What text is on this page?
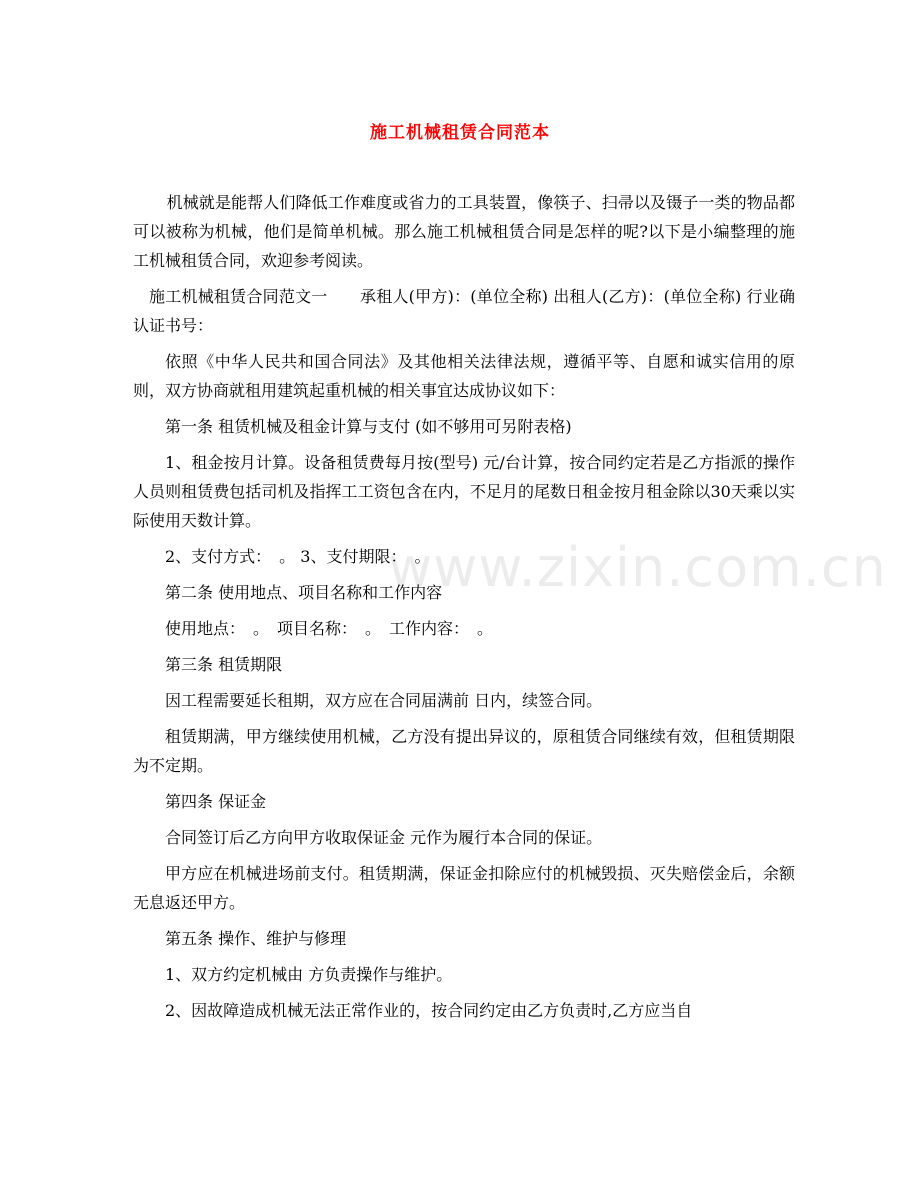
施工机械租赁合同范本
www.zixin.com.cn

机械就是能帮人们降低工作难度或省力的工具装置，像筷子、扫帚以及镊子一类的物品都可以被称为机械，他们是简单机械。那么施工机械租赁合同是怎样的呢?以下是小编整理的施工机械租赁合同，欢迎参考阅读。

施工机械租赁合同范文一　　承租人(甲方)：(单位全称) 出租人(乙方)：(单位全称) 行业确认证书号：

依照《中华人民共和国合同法》及其他相关法律法规，遵循平等、自愿和诚实信用的原则，双方协商就租用建筑起重机械的相关事宜达成协议如下：

第一条 租赁机械及租金计算与支付 (如不够用可另附表格)

1、租金按月计算。设备租赁费每月按(型号) 元/台计算，按合同约定若是乙方指派的操作人员则租赁费包括司机及指挥工工资包含在内，不足月的尾数日租金按月租金除以30天乘以实际使用天数计算。

2、支付方式：　。 3、支付期限：　。

第二条 使用地点、项目名称和工作内容

使用地点：　。　项目名称：　。　工作内容：　。

第三条 租赁期限

因工程需要延长租期，双方应在合同届满前 日内，续签合同。

租赁期满，甲方继续使用机械，乙方没有提出异议的，原租赁合同继续有效，但租赁期限为不定期。

第四条 保证金

合同签订后乙方向甲方收取保证金 元作为履行本合同的保证。

甲方应在机械进场前支付。租赁期满，保证金扣除应付的机械毁损、灭失赔偿金后，余额无息返还甲方。

第五条 操作、维护与修理

1、双方约定机械由 方负责操作与维护。

2、因故障造成机械无法正常作业的，按合同约定由乙方负责时,乙方应当自
